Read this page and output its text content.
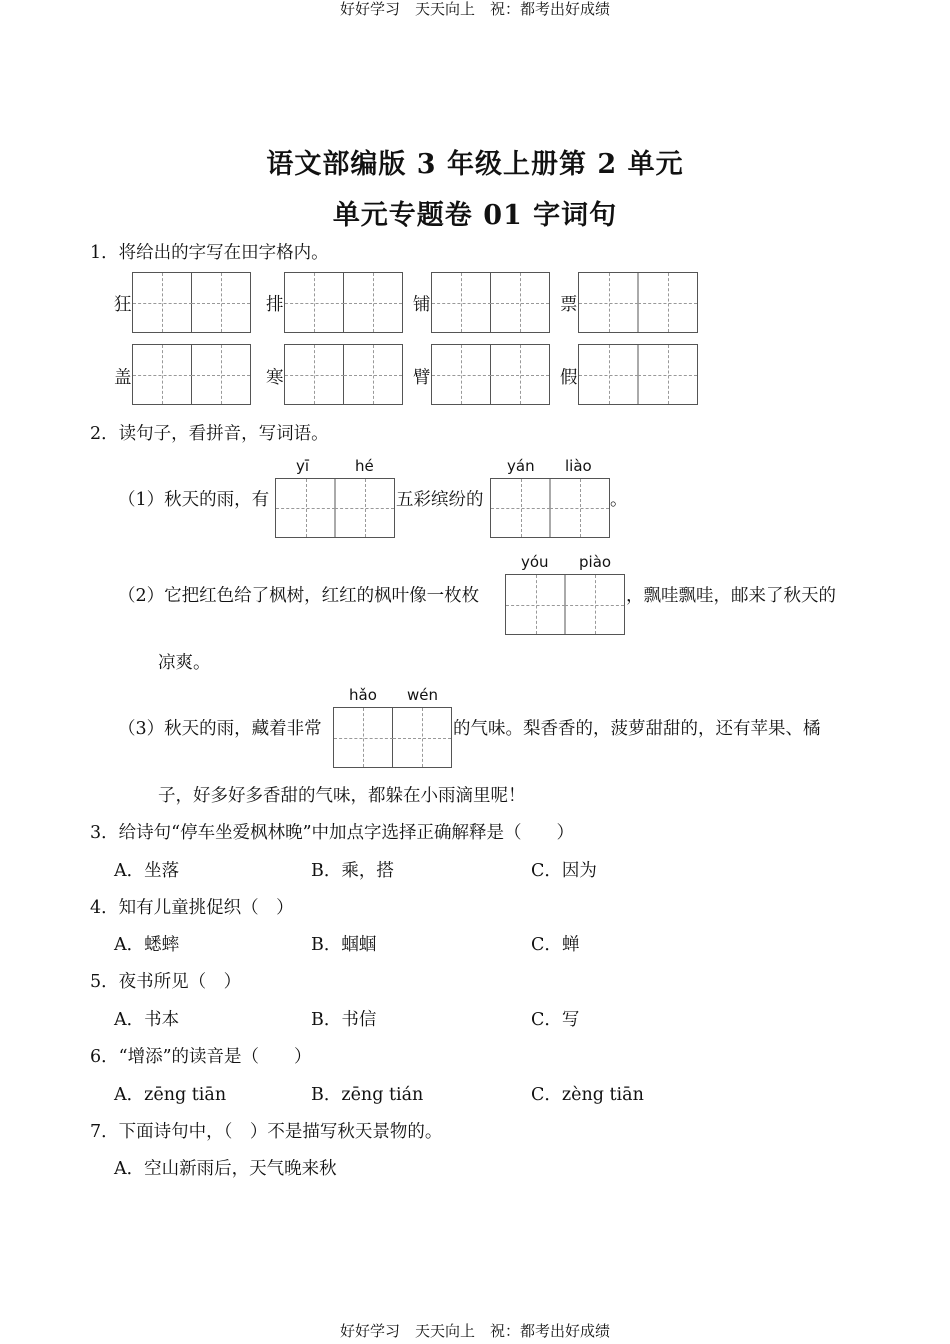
好好学习　天天向上　祝：都考出好成绩
好好学习　天天向上　祝：都考出好成绩
语文部编版 3 年级上册第 2 单元
单元专题卷 01 字词句
1．将给出的字写在田字格内。
狂	排	铺	票
盖	寒	臂	假
2．读句子，看拼音，写词语。
yī	hé
（1）秋天的雨，有	五彩缤纷的
yán liào
。
yóu piào
（2）它把红色给了枫树，红红的枫叶像一枚枚	，飘哇飘哇，邮来了秋天的
凉爽。
hǎo wén
（3）秋天的雨，藏着非常	的气味。梨香香的，菠萝甜甜的，还有苹果、橘
子，好多好多香甜的气味，都躲在小雨滴里呢！
3．给诗句“停车坐爱枫林晚”中加点字选择正确解释是（　　）
A．坐落	B．乘，搭	C．因为
4．知有儿童挑促织（　）
A．蟋蟀	B．蝈蝈	C．蝉
5．夜书所见（　）
A．书本	B．书信	C．写
6．“增添”的读音是（　　）
A．zēng tiān	B．zēng tián	C．zèng tiān
7．下面诗句中，（　）不是描写秋天景物的。
A．空山新雨后，天气晚来秋
